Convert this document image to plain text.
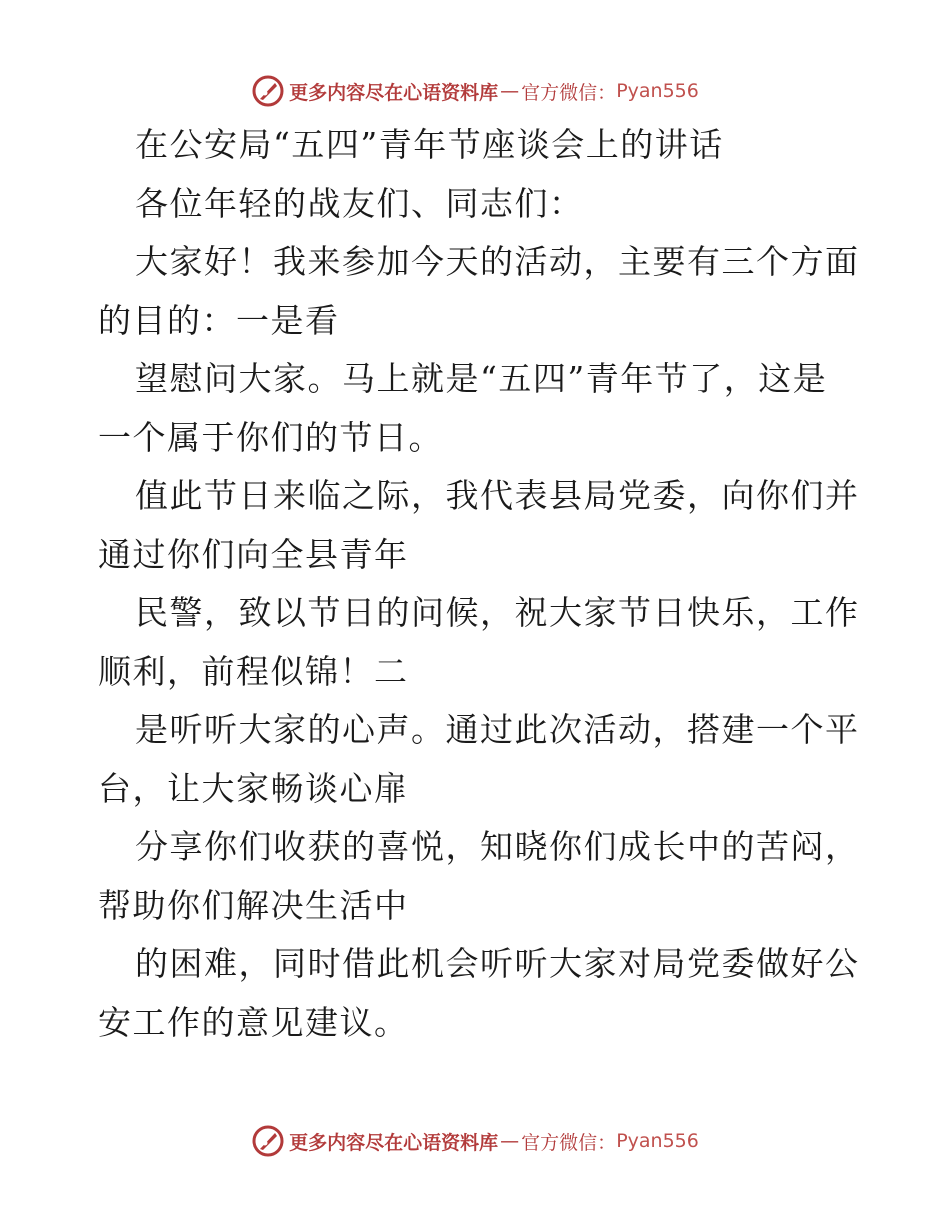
更多内容尽在心语资料库 — 官方微信： Pyan556
在公安局“五四”青年节座谈会上的讲话
各位年轻的战友们、同志们：
大家好！我来参加今天的活动，主要有三个方面
的目的：一是看
望慰问大家。马上就是“五四”青年节了，这是
一个属于你们的节日。
值此节日来临之际，我代表县局党委，向你们并
通过你们向全县青年
民警，致以节日的问候，祝大家节日快乐，工作
顺利，前程似锦！二
是听听大家的心声。通过此次活动，搭建一个平
台，让大家畅谈心扉
分享你们收获的喜悦，知晓你们成长中的苦闷，
帮助你们解决生活中
的困难，同时借此机会听听大家对局党委做好公
安工作的意见建议。
更多内容尽在心语资料库 — 官方微信： Pyan556
